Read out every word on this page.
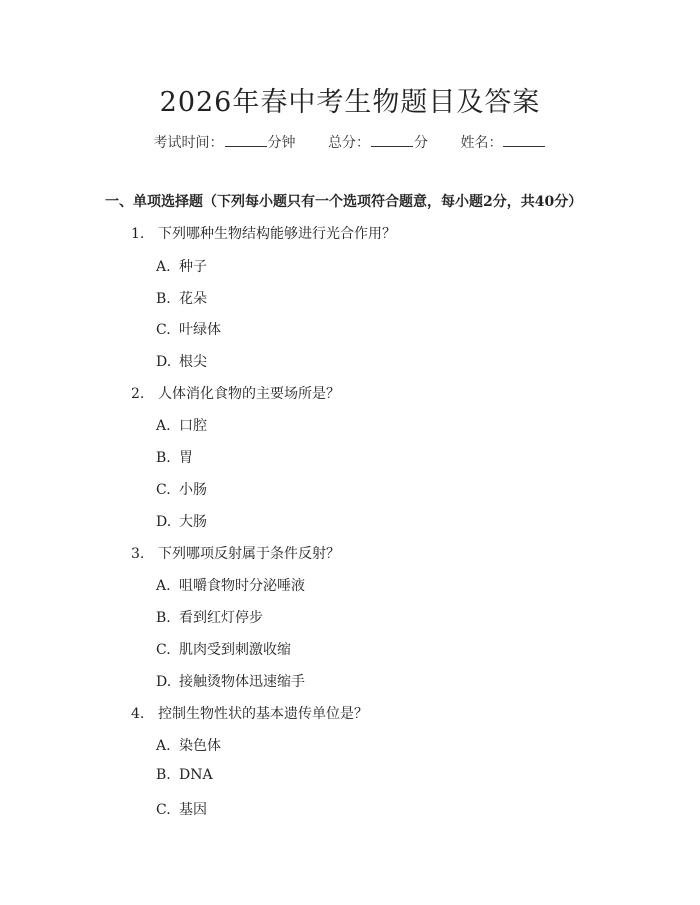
2026年春中考生物题目及答案
考试时间：	分钟 总分：	分 姓名：
一、单项选择题（下列每小题只有一个选项符合题意，每小题2分，共40分）
1. 下列哪种生物结构能够进行光合作用？
A. 种子
B. 花朵
C. 叶绿体
D. 根尖
2. 人体消化食物的主要场所是？
A. 口腔
B. 胃
C. 小肠
D. 大肠
3. 下列哪项反射属于条件反射？
A. 咀嚼食物时分泌唾液
B. 看到红灯停步
C. 肌肉受到刺激收缩
D. 接触烫物体迅速缩手
4. 控制生物性状的基本遗传单位是？
A. 染色体
B. DNA
C. 基因
